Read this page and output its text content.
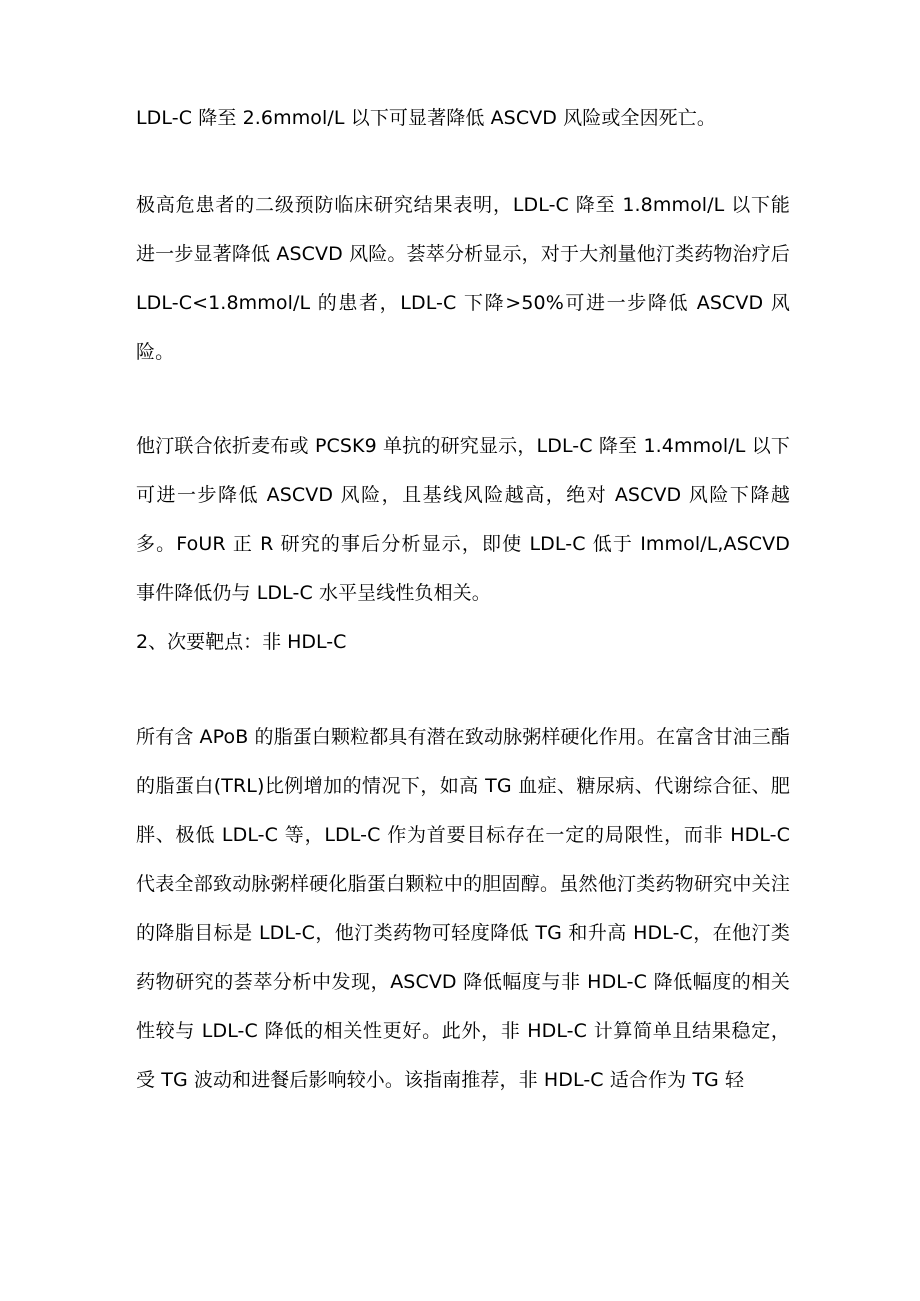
LDL-C 降至 2.6mmol/L 以下可显著降低 ASCVD 风险或全因死亡。

极高危患者的二级预防临床研究结果表明，LDL-C 降至 1.8mmol/L 以下能进一步显著降低 ASCVD 风险。荟萃分析显示，对于大剂量他汀类药物治疗后 LDL-C<1.8mmol/L 的患者，LDL-C 下降>50%可进一步降低 ASCVD 风险。

他汀联合依折麦布或 PCSK9 单抗的研究显示，LDL-C 降至 1.4mmol/L 以下可进一步降低 ASCVD 风险，且基线风险越高，绝对 ASCVD 风险下降越多。FoUR 正 R 研究的事后分析显示，即使 LDL-C 低于 Immol/L,ASCVD 事件降低仍与 LDL-C 水平呈线性负相关。

2、次要靶点：非 HDL-C

所有含 APoB 的脂蛋白颗粒都具有潜在致动脉粥样硬化作用。在富含甘油三酯的脂蛋白(TRL)比例增加的情况下，如高 TG 血症、糖尿病、代谢综合征、肥胖、极低 LDL-C 等，LDL-C 作为首要目标存在一定的局限性，而非 HDL-C 代表全部致动脉粥样硬化脂蛋白颗粒中的胆固醇。虽然他汀类药物研究中关注的降脂目标是 LDL-C，他汀类药物可轻度降低 TG 和升高 HDL-C，在他汀类药物研究的荟萃分析中发现，ASCVD 降低幅度与非 HDL-C 降低幅度的相关性较与 LDL-C 降低的相关性更好。此外，非 HDL-C 计算简单且结果稳定，受 TG 波动和进餐后影响较小。该指南推荐，非 HDL-C 适合作为 TG 轻
